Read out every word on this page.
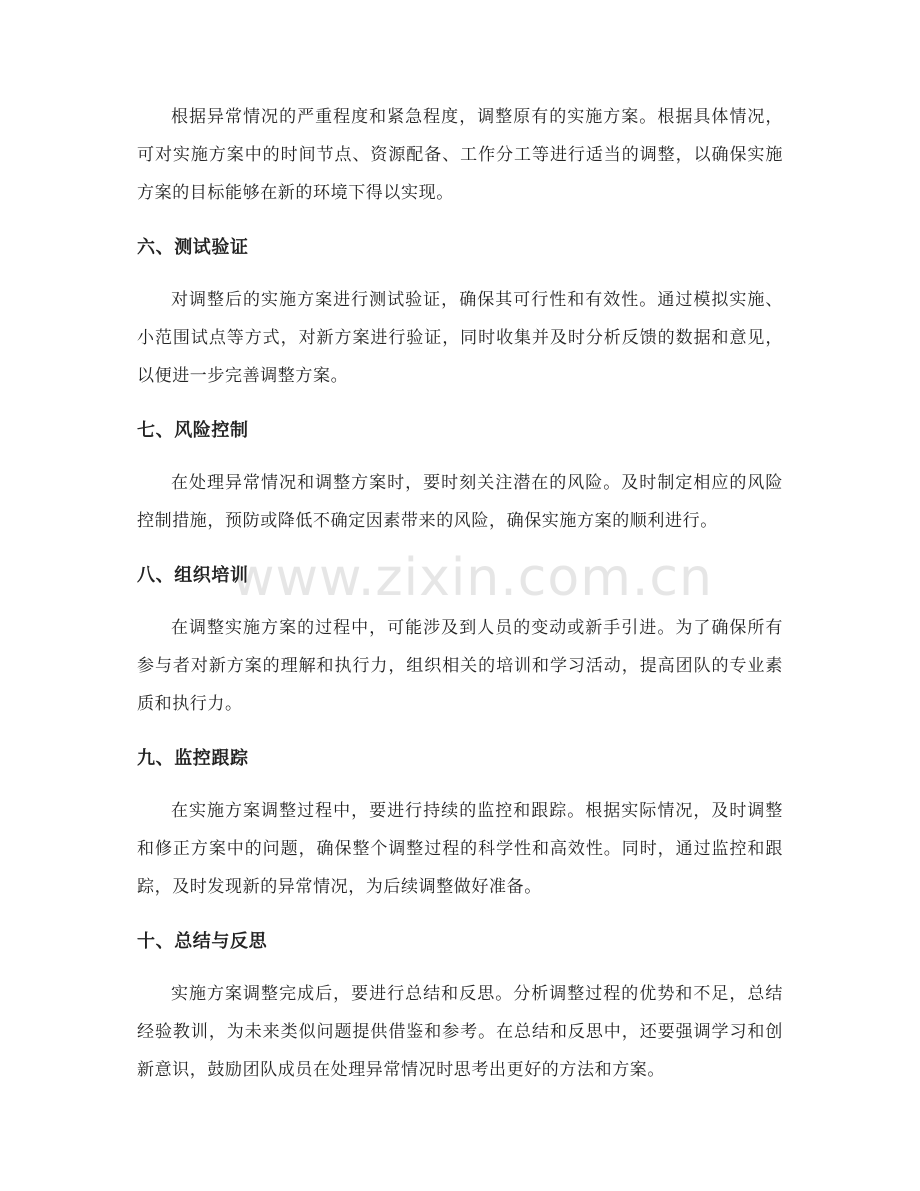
www.zixin.com.cn

根据异常情况的严重程度和紧急程度，调整原有的实施方案。根据具体情况，可对实施方案中的时间节点、资源配备、工作分工等进行适当的调整，以确保实施方案的目标能够在新的环境下得以实现。

六、测试验证

对调整后的实施方案进行测试验证，确保其可行性和有效性。通过模拟实施、小范围试点等方式，对新方案进行验证，同时收集并及时分析反馈的数据和意见，以便进一步完善调整方案。

七、风险控制

在处理异常情况和调整方案时，要时刻关注潜在的风险。及时制定相应的风险控制措施，预防或降低不确定因素带来的风险，确保实施方案的顺利进行。

八、组织培训

在调整实施方案的过程中，可能涉及到人员的变动或新手引进。为了确保所有参与者对新方案的理解和执行力，组织相关的培训和学习活动，提高团队的专业素质和执行力。

九、监控跟踪

在实施方案调整过程中，要进行持续的监控和跟踪。根据实际情况，及时调整和修正方案中的问题，确保整个调整过程的科学性和高效性。同时，通过监控和跟踪，及时发现新的异常情况，为后续调整做好准备。

十、总结与反思

实施方案调整完成后，要进行总结和反思。分析调整过程的优势和不足，总结经验教训，为未来类似问题提供借鉴和参考。在总结和反思中，还要强调学习和创新意识，鼓励团队成员在处理异常情况时思考出更好的方法和方案。
